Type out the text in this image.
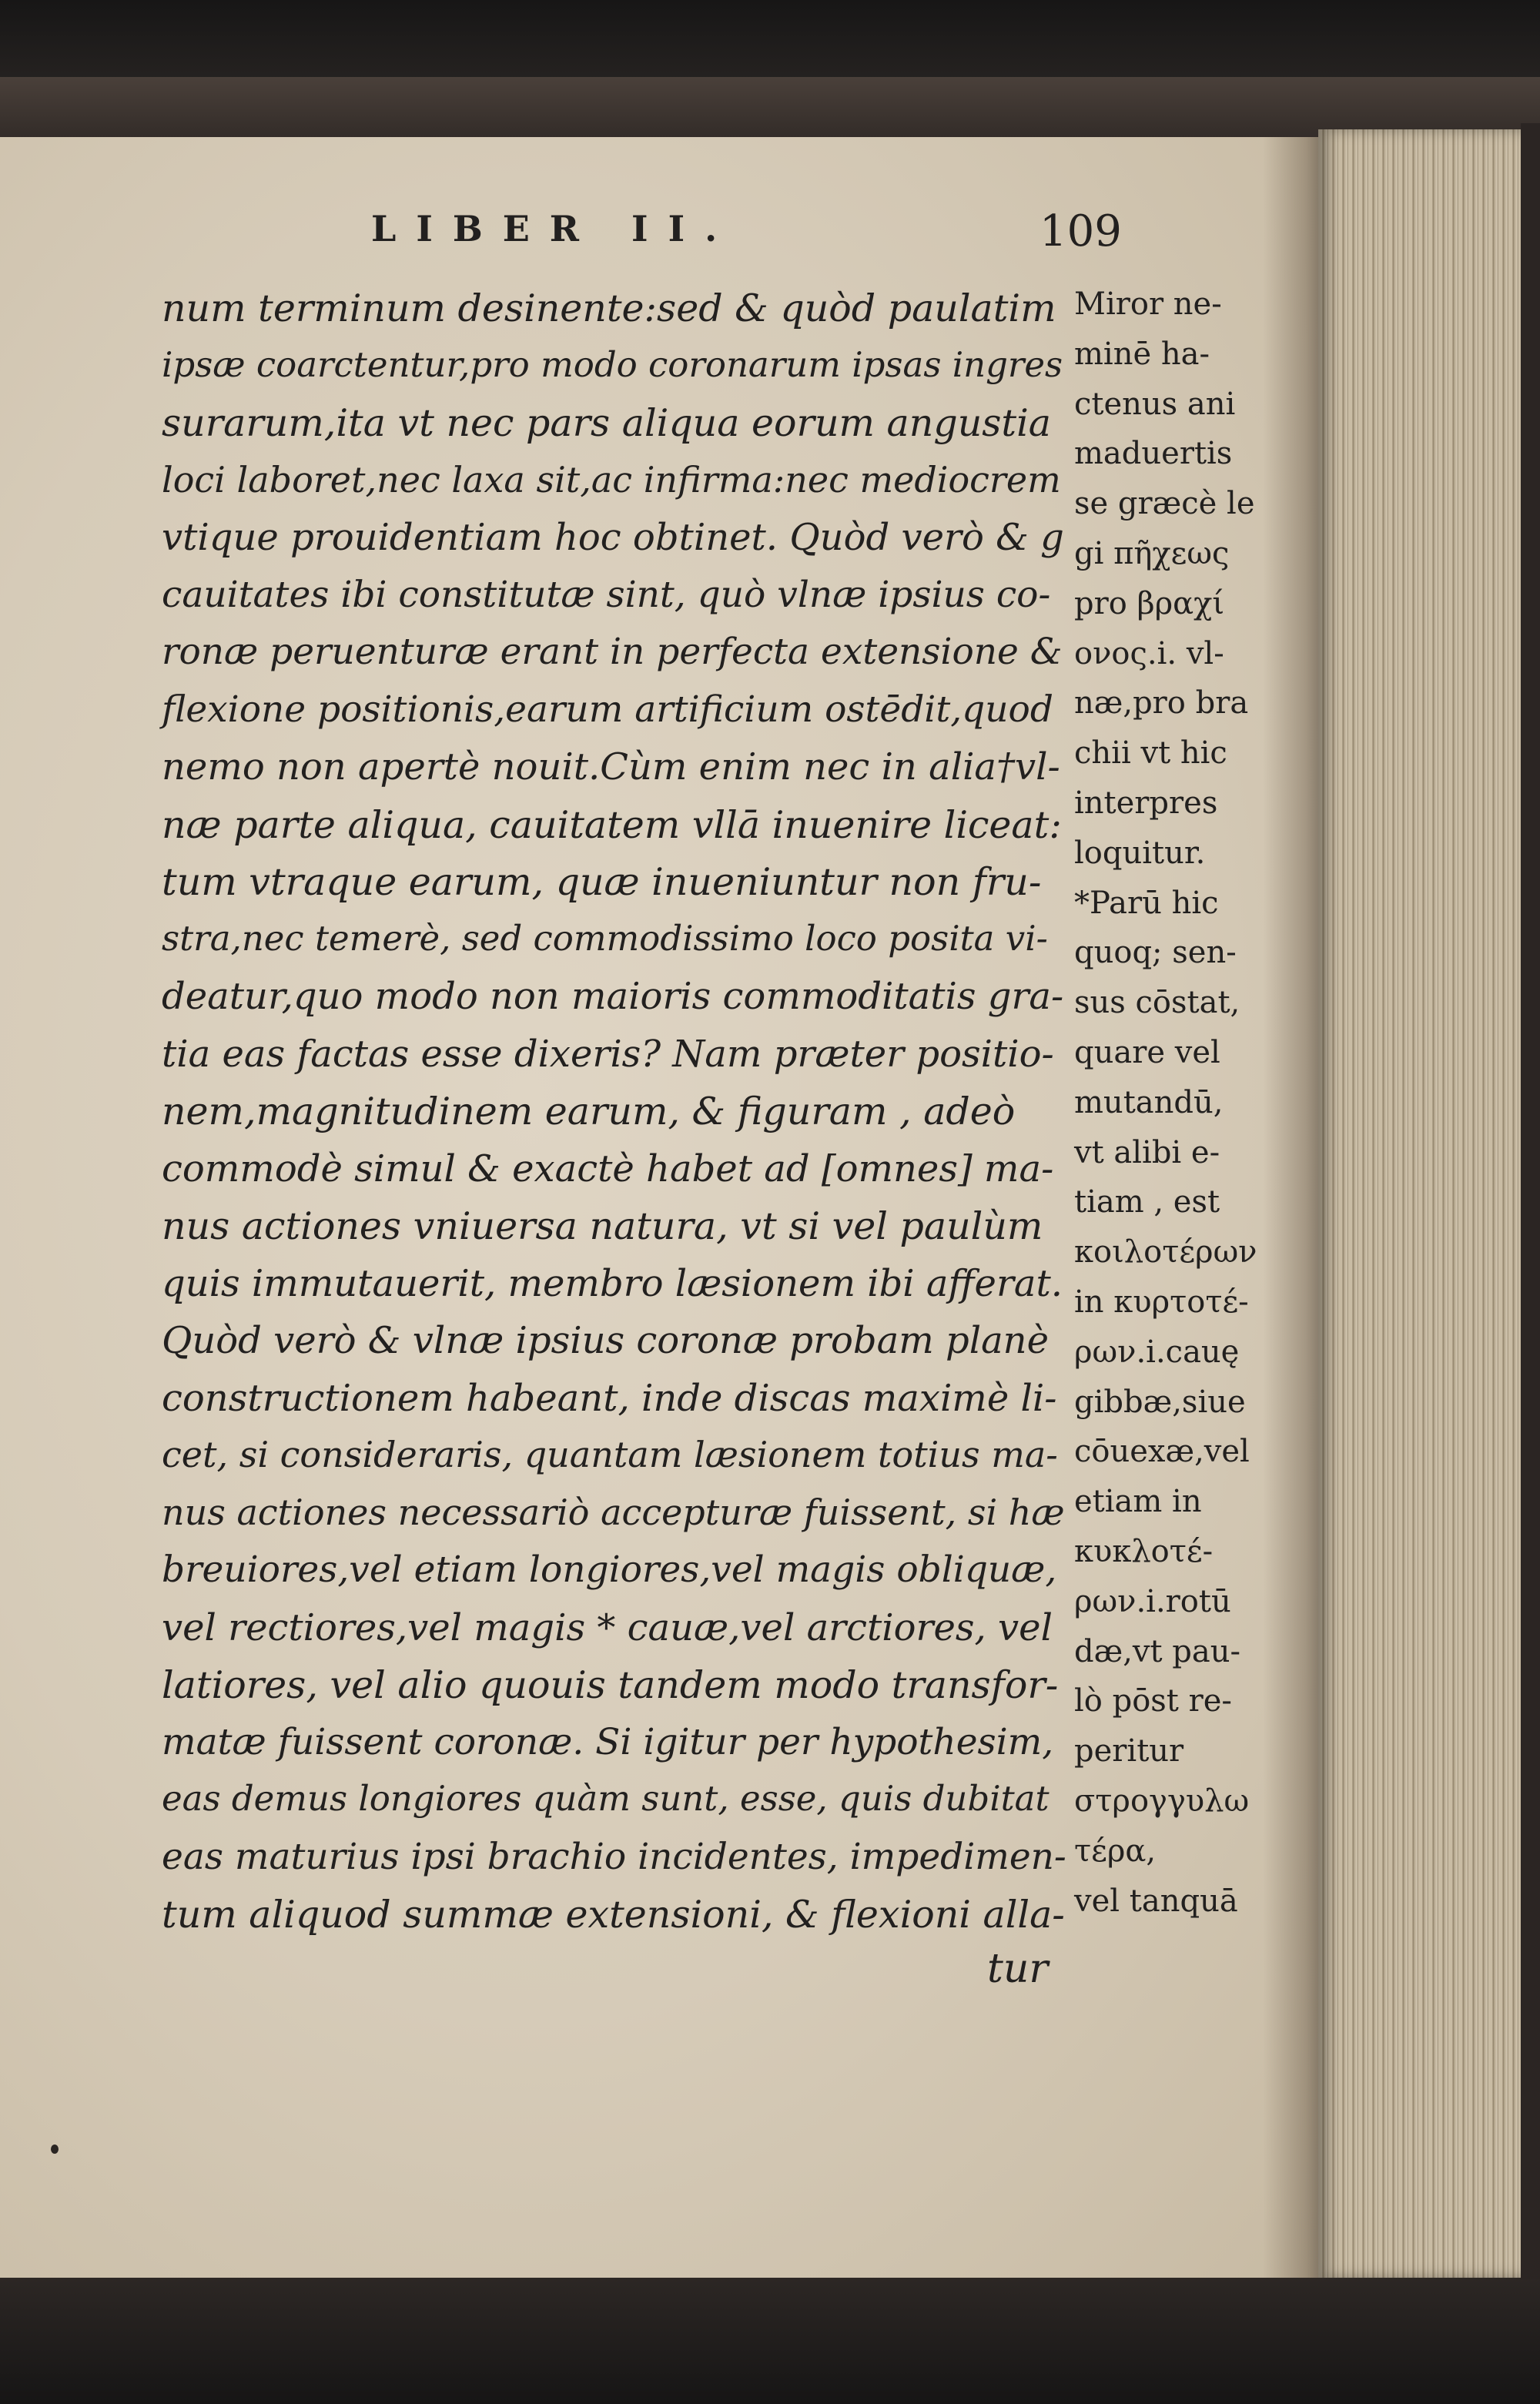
LIBER II.	109
num terminum desinente:sed & quòd paulatim
ipsæ coarctentur,pro modo coronarum ipsas ingres
surarum,ita vt nec pars aliqua eorum angustia
loci laboret,nec laxa sit,ac infirma:nec mediocrem
vtique prouidentiam hoc obtinet. Quòd verò & g
cauitates ibi constitutæ sint, quò vlnæ ipsius co-
ronæ peruenturæ erant in perfecta extensione &
flexione positionis,earum artificium ostēdit,quod
nemo non apertè nouit.Cùm enim nec in alia†vl-
næ parte aliqua, cauitatem vllā inuenire liceat:
tum vtraque earum, quæ inueniuntur non fru-
stra,nec temerè, sed commodissimo loco posita vi-
deatur,quo modo non maioris commoditatis gra-
tia eas factas esse dixeris? Nam præter positio-
nem,magnitudinem earum, & figuram , adeò
commodè simul & exactè habet ad [omnes] ma-
nus actiones vniuersa natura, vt si vel paulùm
quis immutauerit, membro læsionem ibi afferat.
Quòd verò & vlnæ ipsius coronæ probam planè
constructionem habeant, inde discas maximè li-
cet, si consideraris, quantam læsionem totius ma-
nus actiones necessariò accepturæ fuissent, si hæ
breuiores,vel etiam longiores,vel magis obliquæ,
vel rectiores,vel magis * cauæ,vel arctiores, vel
latiores, vel alio quouis tandem modo transfor-
matæ fuissent coronæ. Si igitur per hypothesim,
eas demus longiores quàm sunt, esse, quis dubitat
eas maturius ipsi brachio incidentes, impedimen-
tum aliquod summæ extensioni, & flexioni alla-
Miror ne-
minē ha-
ctenus ani
maduertis
se græcè le
gi πῆχεως
pro βραχί
ονος.i. vl-
næ,pro bra
chii vt hic
interpres
loquitur.
*Parū hic
quoq; sen-
sus cōstat,
quare vel
mutandū,
vt alibi e-
tiam , est
κοιλοτέρων
in κυρτοτέ-
ρων.i.cauę
gibbæ,siue
cōuexæ,vel
etiam in
κυκλοτέ-
ρων.i.rotū
dæ,vt pau-
lò pōst re-
peritur
στρογγυλω
τέρα,
vel tanquā
tur
